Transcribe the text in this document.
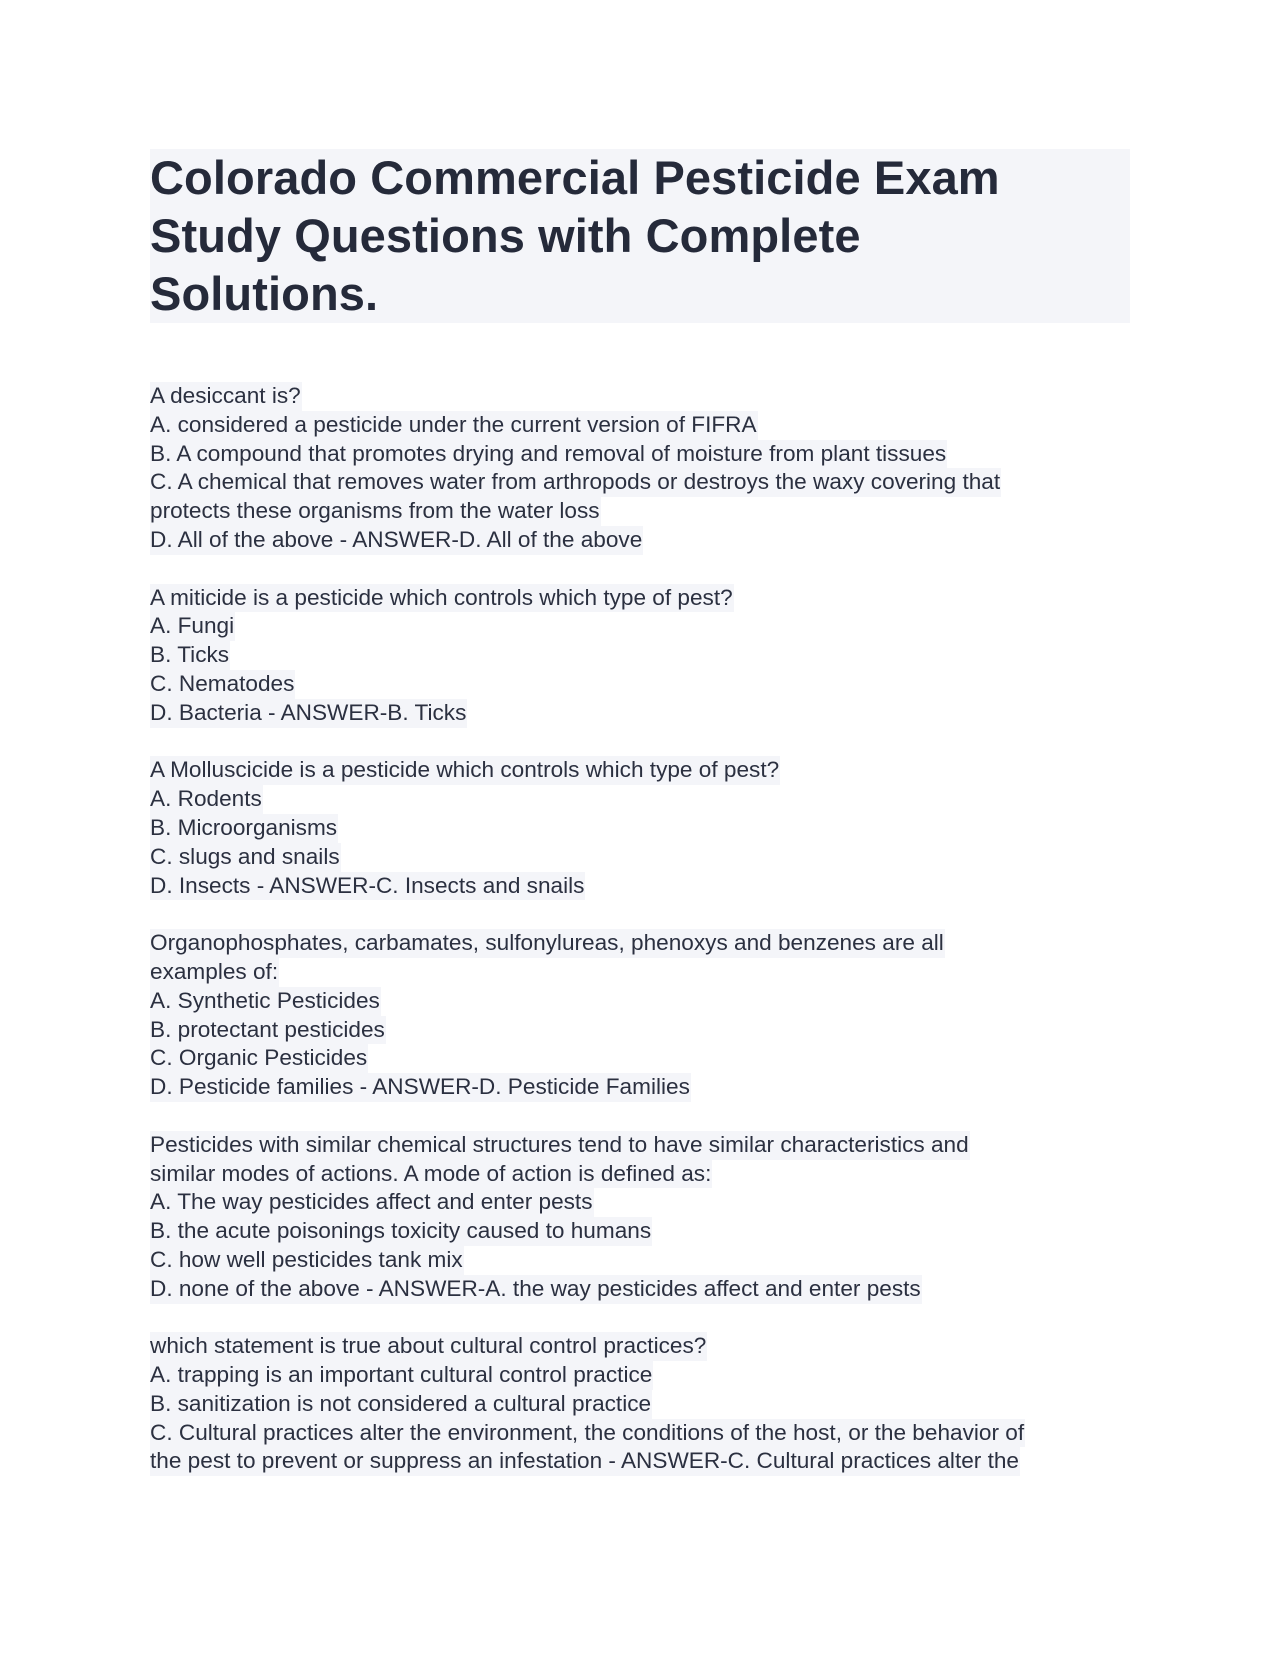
Colorado Commercial Pesticide Exam
Study Questions with Complete
Solutions.
A desiccant is?
A. considered a pesticide under the current version of FIFRA
B. A compound that promotes drying and removal of moisture from plant tissues
C. A chemical that removes water from arthropods or destroys the waxy covering that
protects these organisms from the water loss
D. All of the above - ANSWER-D. All of the above
A miticide is a pesticide which controls which type of pest?
A. Fungi
B. Ticks
C. Nematodes
D. Bacteria - ANSWER-B. Ticks
A Molluscicide is a pesticide which controls which type of pest?
A. Rodents
B. Microorganisms
C. slugs and snails
D. Insects - ANSWER-C. Insects and snails
Organophosphates, carbamates, sulfonylureas, phenoxys and benzenes are all
examples of:
A. Synthetic Pesticides
B. protectant pesticides
C. Organic Pesticides
D. Pesticide families - ANSWER-D. Pesticide Families
Pesticides with similar chemical structures tend to have similar characteristics and
similar modes of actions. A mode of action is defined as:
A. The way pesticides affect and enter pests
B. the acute poisonings toxicity caused to humans
C. how well pesticides tank mix
D. none of the above - ANSWER-A. the way pesticides affect and enter pests
which statement is true about cultural control practices?
A. trapping is an important cultural control practice
B. sanitization is not considered a cultural practice
C. Cultural practices alter the environment, the conditions of the host, or the behavior of
the pest to prevent or suppress an infestation - ANSWER-C. Cultural practices alter the
